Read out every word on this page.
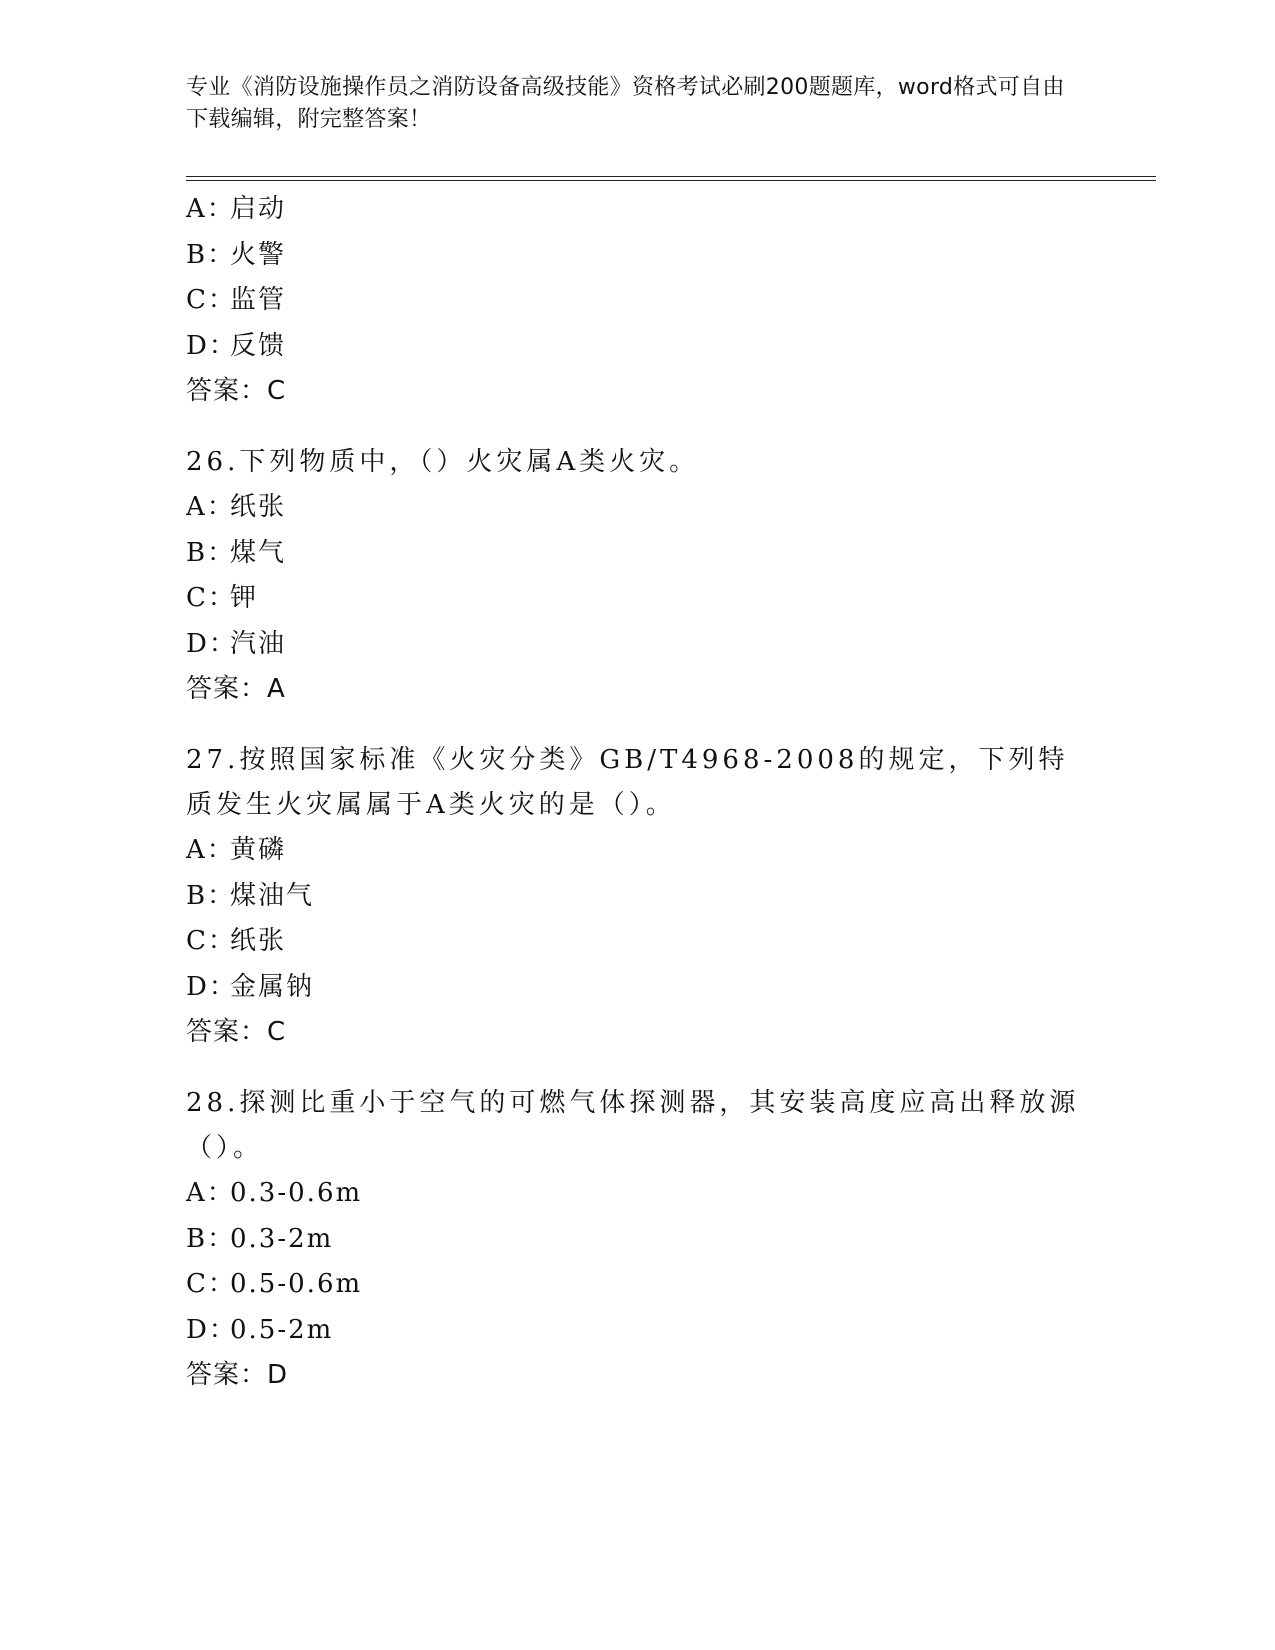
专业《消防设施操作员之消防设备高级技能》资格考试必刷200题题库，word格式可自由下载编辑，附完整答案！
A：启动
B：火警
C：监管
D：反馈
答案：C
26.下列物质中，（）火灾属A类火灾。
A：纸张
B：煤气
C：钾
D：汽油
答案：A
27.按照国家标准《火灾分类》GB/T4968-2008的规定，下列特质发生火灾属属于A类火灾的是（）。
A：黄磷
B：煤油气
C：纸张
D：金属钠
答案：C
28.探测比重小于空气的可燃气体探测器，其安装高度应高出释放源（）。
A：0.3-0.6m
B：0.3-2m
C：0.5-0.6m
D：0.5-2m
答案：D
